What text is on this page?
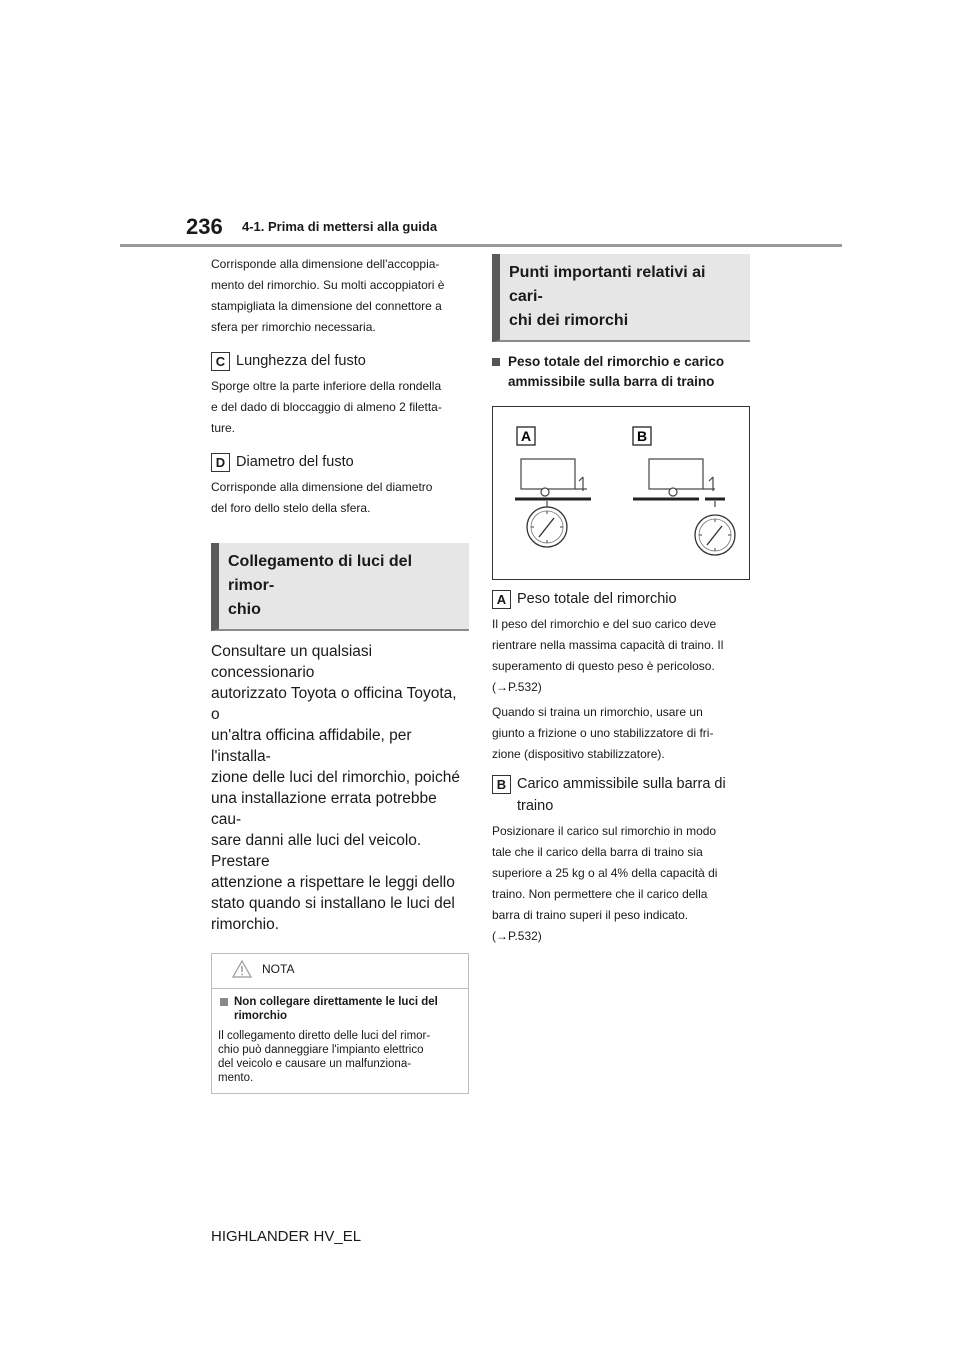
236 4-1. Prima di mettersi alla guida

Corrisponde alla dimensione dell'accoppia-

mento del rimorchio. Su molti accoppiatori è

stampigliata la dimensione del connettore a

sfera per rimorchio necessaria.

C Lunghezza del fusto

Sporge oltre la parte inferiore della rondella

e del dado di bloccaggio di almeno 2 filetta-

ture.

D Diametro del fusto

Corrisponde alla dimensione del diametro

del foro dello stelo della sfera.

Collegamento di luci del rimor-
chio

Consultare un qualsiasi concessionario

autorizzato Toyota o officina Toyota, o

un'altra officina affidabile, per l'installa-

zione delle luci del rimorchio, poiché

una installazione errata potrebbe cau-

sare danni alle luci del veicolo. Prestare

attenzione a rispettare le leggi dello

stato quando si installano le luci del

rimorchio.

NOTA
Non collegare direttamente le luci del
rimorchio
Il collegamento diretto delle luci del rimor-
chio può danneggiare l'impianto elettrico
del veicolo e causare un malfunziona-
mento.
Punti importanti relativi ai cari-
chi dei rimorchi
Peso totale del rimorchio e carico
ammissibile sulla barra di traino
A	B
A Peso totale del rimorchio

Il peso del rimorchio e del suo carico deve

rientrare nella massima capacità di traino. Il

superamento di questo peso è pericoloso.

(→P.532)

Quando si traina un rimorchio, usare un

giunto a frizione o uno stabilizzatore di fri-

zione (dispositivo stabilizzatore).

B Carico ammissibile sulla barra di
traino

Posizionare il carico sul rimorchio in modo

tale che il carico della barra di traino sia

superiore a 25 kg o al 4% della capacità di

traino. Non permettere che il carico della

barra di traino superi il peso indicato.

(→P.532)

HIGHLANDER HV_EL
